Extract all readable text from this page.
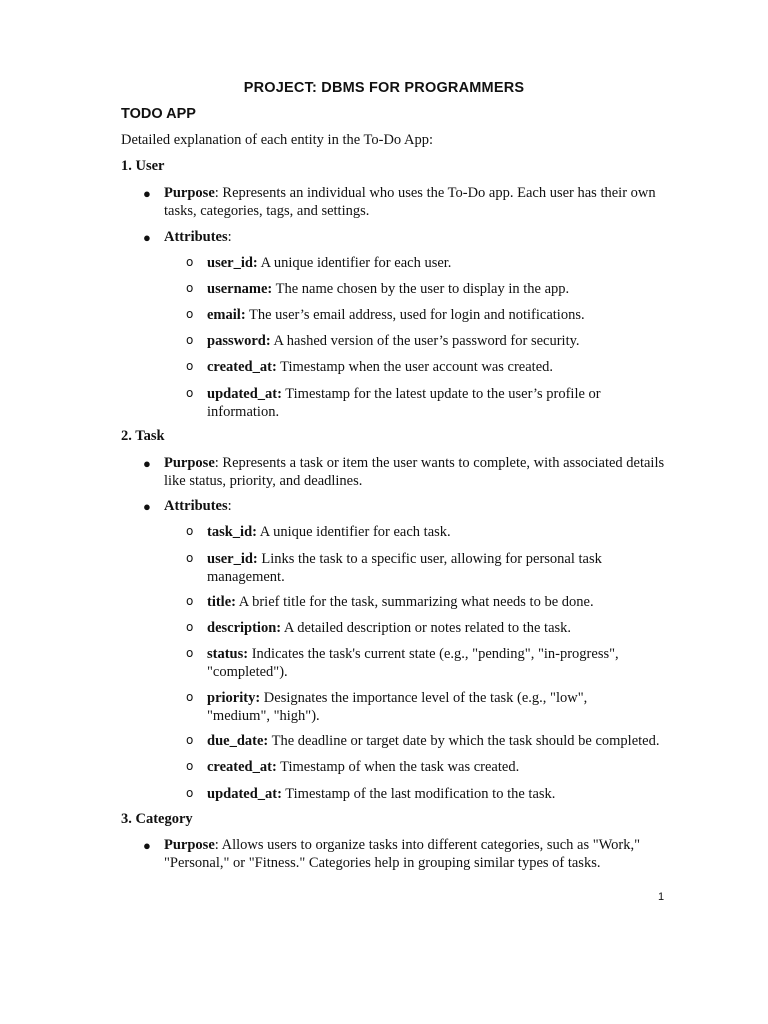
PROJECT: DBMS FOR PROGRAMMERS
TODO APP
Detailed explanation of each entity in the To-Do App:
1. User
● Purpose: Represents an individual who uses the To-Do app. Each user has their own tasks, categories, tags, and settings.
● Attributes:
o user_id: A unique identifier for each user.
o username: The name chosen by the user to display in the app.
o email: The user’s email address, used for login and notifications.
o password: A hashed version of the user’s password for security.
o created_at: Timestamp when the user account was created.
o updated_at: Timestamp for the latest update to the user’s profile or information.
2. Task
● Purpose: Represents a task or item the user wants to complete, with associated details like status, priority, and deadlines.
● Attributes:
o task_id: A unique identifier for each task.
o user_id: Links the task to a specific user, allowing for personal task management.
o title: A brief title for the task, summarizing what needs to be done.
o description: A detailed description or notes related to the task.
o status: Indicates the task's current state (e.g., "pending", "in-progress", "completed").
o priority: Designates the importance level of the task (e.g., "low", "medium", "high").
o due_date: The deadline or target date by which the task should be completed.
o created_at: Timestamp of when the task was created.
o updated_at: Timestamp of the last modification to the task.
3. Category
● Purpose: Allows users to organize tasks into different categories, such as "Work," "Personal," or "Fitness." Categories help in grouping similar types of tasks.
1
